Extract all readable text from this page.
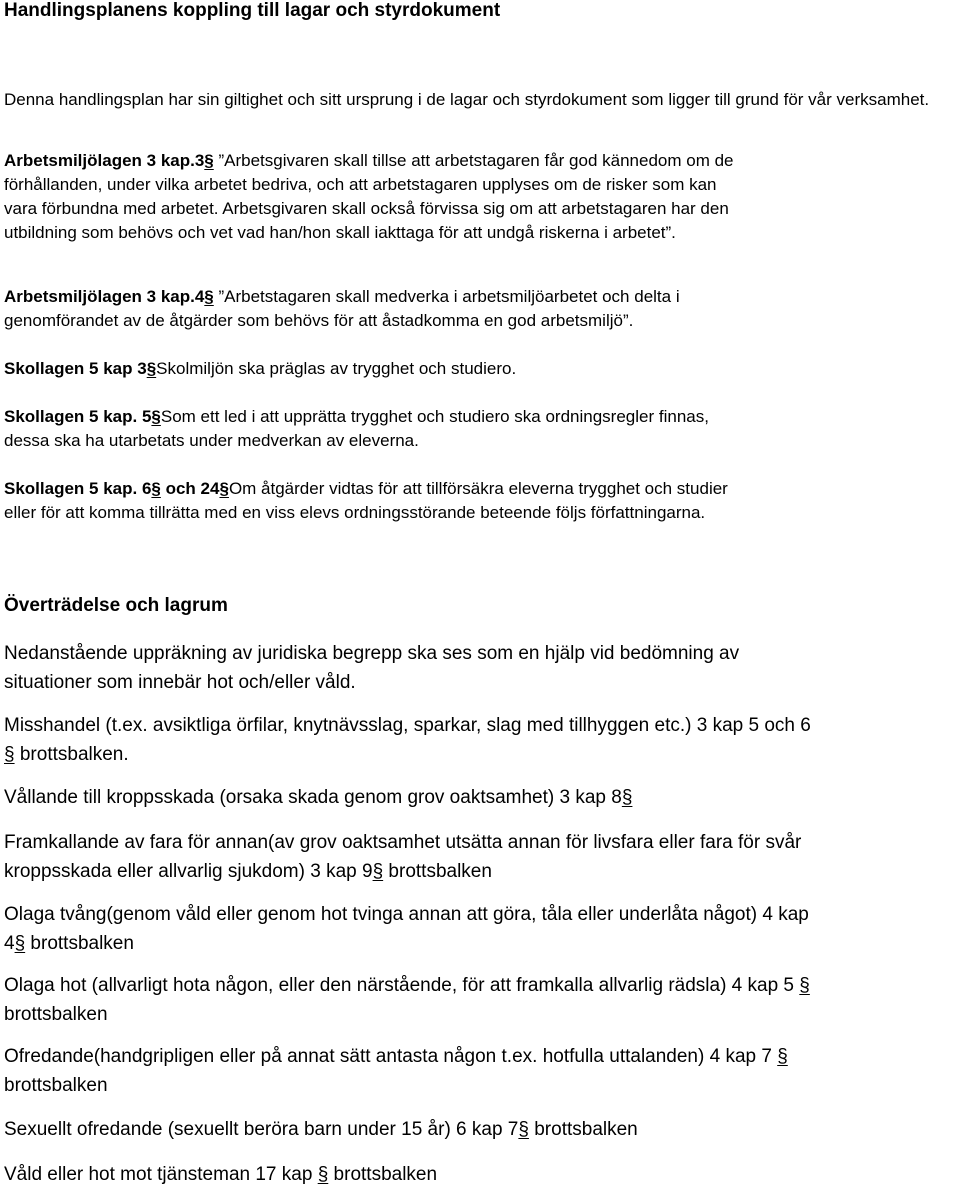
Handlingsplanens koppling till lagar och styrdokument

Denna handlingsplan har sin giltighet och sitt ursprung i de lagar och styrdokument som ligger till grund för vår verksamhet.

Arbetsmiljölagen 3 kap.3§ ”Arbetsgivaren skall tillse att arbetstagaren får god kännedom om de
förhållanden, under vilka arbetet bedriva, och att arbetstagaren upplyses om de risker som kan
vara förbundna med arbetet. Arbetsgivaren skall också förvissa sig om att arbetstagaren har den
utbildning som behövs och vet vad han/hon skall iakttaga för att undgå riskerna i arbetet”.

Arbetsmiljölagen 3 kap.4§ ”Arbetstagaren skall medverka i arbetsmiljöarbetet och delta i
genomförandet av de åtgärder som behövs för att åstadkomma en god arbetsmiljö”.

Skollagen 5 kap 3§Skolmiljön ska präglas av trygghet och studiero.

Skollagen 5 kap. 5§Som ett led i att upprätta trygghet och studiero ska ordningsregler finnas,
dessa ska ha utarbetats under medverkan av eleverna.

Skollagen 5 kap. 6§ och 24§Om åtgärder vidtas för att tillförsäkra eleverna trygghet och studier
eller för att komma tillrätta med en viss elevs ordningsstörande beteende följs författningarna.

Överträdelse och lagrum

Nedanstående uppräkning av juridiska begrepp ska ses som en hjälp vid bedömning av
situationer som innebär hot och/eller våld.

Misshandel (t.ex. avsiktliga örfilar, knytnävsslag, sparkar, slag med tillhyggen etc.) 3 kap 5 och 6
§ brottsbalken.

Vållande till kroppsskada (orsaka skada genom grov oaktsamhet) 3 kap 8§

Framkallande av fara för annan(av grov oaktsamhet utsätta annan för livsfara eller fara för svår
kroppsskada eller allvarlig sjukdom) 3 kap 9§ brottsbalken

Olaga tvång(genom våld eller genom hot tvinga annan att göra, tåla eller underlåta något) 4 kap
4§ brottsbalken

Olaga hot (allvarligt hota någon, eller den närstående, för att framkalla allvarlig rädsla) 4 kap 5 §
brottsbalken

Ofredande(handgripligen eller på annat sätt antasta någon t.ex. hotfulla uttalanden) 4 kap 7 §
brottsbalken

Sexuellt ofredande (sexuellt beröra barn under 15 år) 6 kap 7§ brottsbalken

Våld eller hot mot tjänsteman 17 kap § brottsbalken
